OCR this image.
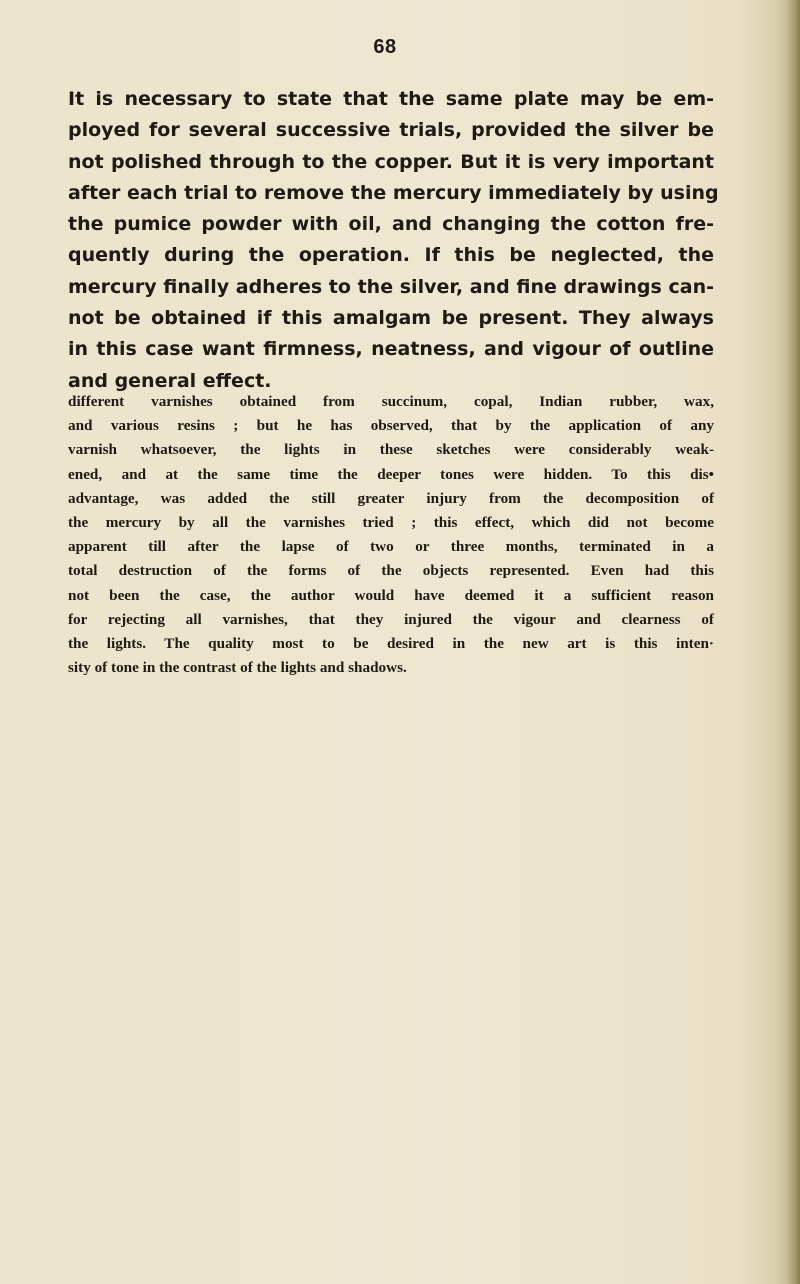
68
It is necessary to state that the same plate may be em-
ployed for several successive trials, provided the silver be
not polished through to the copper. But it is very important
after each trial to remove the mercury immediately by using
the pumice powder with oil, and changing the cotton fre-
quently during the operation. If this be neglected, the
mercury finally adheres to the silver, and fine drawings can-
not be obtained if this amalgam be present. They always
in this case want firmness, neatness, and vigour of outline
and general effect.
different varnishes obtained from succinum, copal, Indian rubber, wax,
and various resins ; but he has observed, that by the application of any
varnish whatsoever, the lights in these sketches were considerably weak-
ened, and at the same time the deeper tones were hidden. To this dis•
advantage, was added the still greater injury from the decomposition of
the mercury by all the varnishes tried ; this effect, which did not become
apparent till after the lapse of two or three months, terminated in a
total destruction of the forms of the objects represented. Even had this
not been the case, the author would have deemed it a sufficient reason
for rejecting all varnishes, that they injured the vigour and clearness of
the lights. The quality most to be desired in the new art is this inten·
sity of tone in the contrast of the lights and shadows.
